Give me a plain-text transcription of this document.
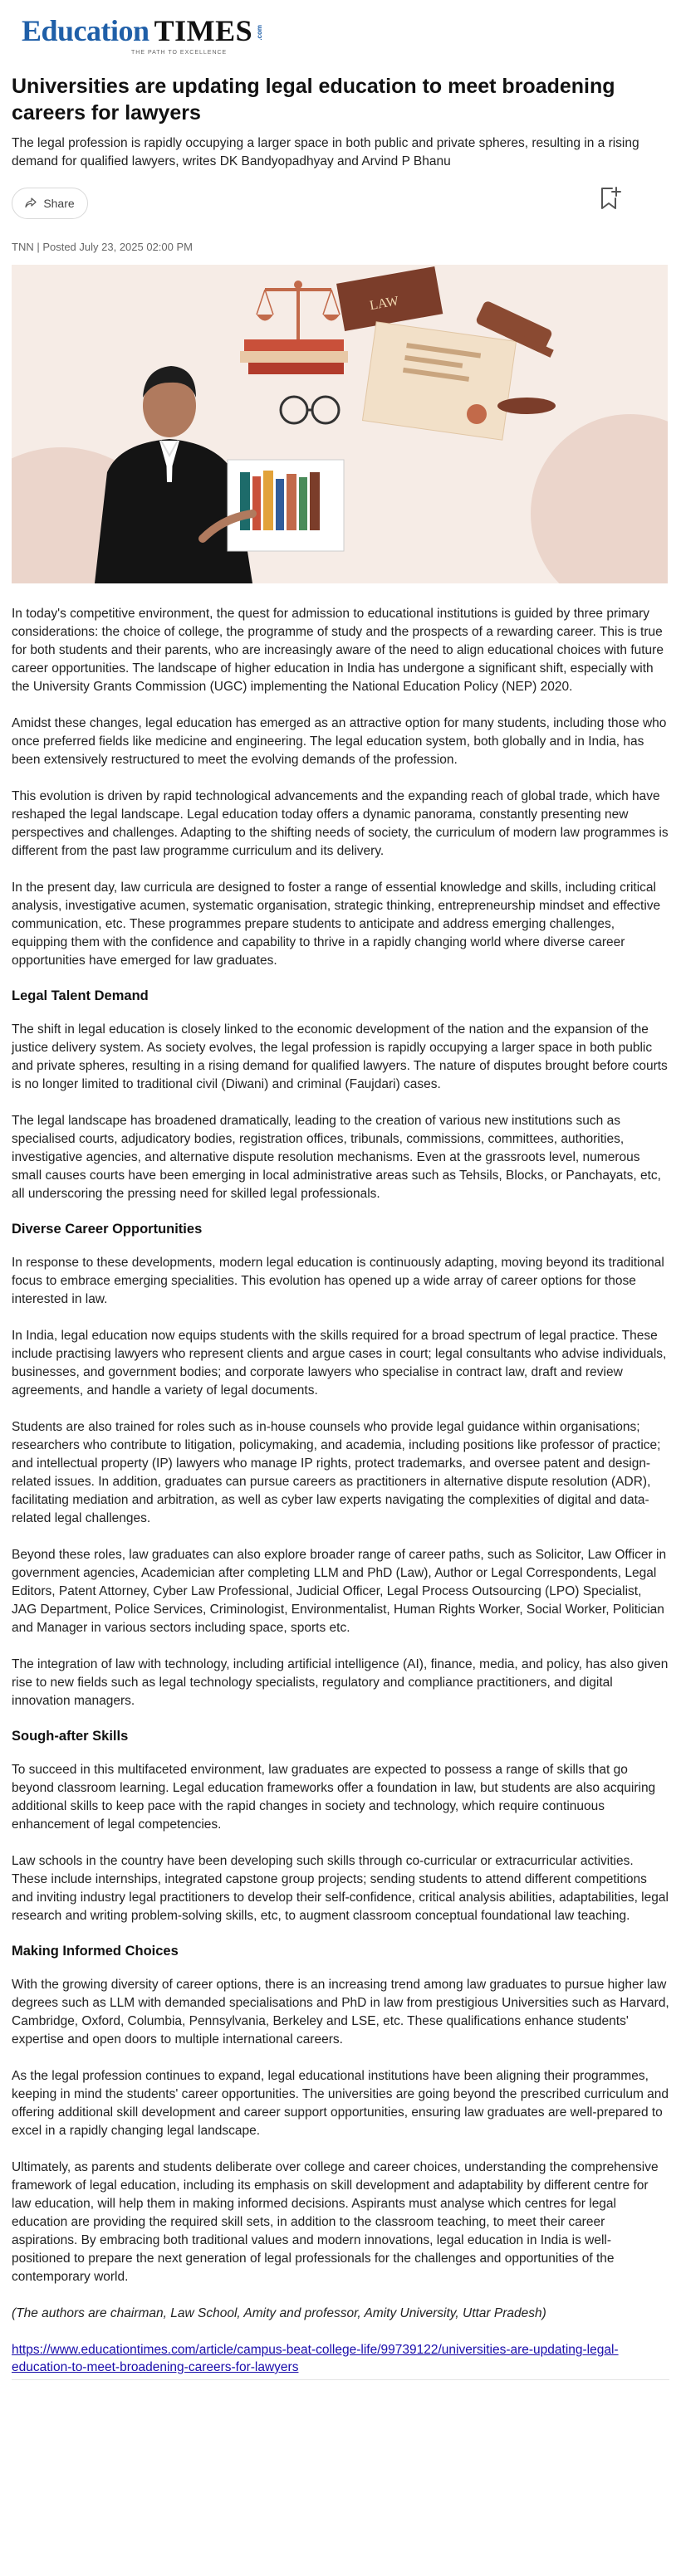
Education TIMES .com
THE PATH TO EXCELLENCE
Universities are updating legal education to meet broadening careers for lawyers

The legal profession is rapidly occupying a larger space in both public and private spheres, resulting in a rising demand for qualified lawyers, writes DK Bandyopadhyay and Arvind P Bhanu

Share
TNN | Posted July 23, 2025 02:00 PM
LAW

In today's competitive environment, the quest for admission to educational institutions is guided by three primary considerations: the choice of college, the programme of study and the prospects of a rewarding career. This is true for both students and their parents, who are increasingly aware of the need to align educational choices with future career opportunities. The landscape of higher education in India has undergone a significant shift, especially with the University Grants Commission (UGC) implementing the National Education Policy (NEP) 2020.

Amidst these changes, legal education has emerged as an attractive option for many students, including those who once preferred fields like medicine and engineering. The legal education system, both globally and in India, has been extensively restructured to meet the evolving demands of the profession.

This evolution is driven by rapid technological advancements and the expanding reach of global trade, which have reshaped the legal landscape. Legal education today offers a dynamic panorama, constantly presenting new perspectives and challenges. Adapting to the shifting needs of society, the curriculum of modern law programmes is different from the past law programme curriculum and its delivery.

In the present day, law curricula are designed to foster a range of essential knowledge and skills, including critical analysis, investigative acumen, systematic organisation, strategic thinking, entrepreneurship mindset and effective communication, etc. These programmes prepare students to anticipate and address emerging challenges, equipping them with the confidence and capability to thrive in a rapidly changing world where diverse career opportunities have emerged for law graduates.

Legal Talent Demand

The shift in legal education is closely linked to the economic development of the nation and the expansion of the justice delivery system. As society evolves, the legal profession is rapidly occupying a larger space in both public and private spheres, resulting in a rising demand for qualified lawyers. The nature of disputes brought before courts is no longer limited to traditional civil (Diwani) and criminal (Faujdari) cases.

The legal landscape has broadened dramatically, leading to the creation of various new institutions such as specialised courts, adjudicatory bodies, registration offices, tribunals, commissions, committees, authorities, investigative agencies, and alternative dispute resolution mechanisms. Even at the grassroots level, numerous small causes courts have been emerging in local administrative areas such as Tehsils, Blocks, or Panchayats, etc, all underscoring the pressing need for skilled legal professionals.

Diverse Career Opportunities

In response to these developments, modern legal education is continuously adapting, moving beyond its traditional focus to embrace emerging specialities. This evolution has opened up a wide array of career options for those interested in law.

In India, legal education now equips students with the skills required for a broad spectrum of legal practice. These include practising lawyers who represent clients and argue cases in court; legal consultants who advise individuals, businesses, and government bodies; and corporate lawyers who specialise in contract law, draft and review agreements, and handle a variety of legal documents.

Students are also trained for roles such as in-house counsels who provide legal guidance within organisations; researchers who contribute to litigation, policymaking, and academia, including positions like professor of practice; and intellectual property (IP) lawyers who manage IP rights, protect trademarks, and oversee patent and design-related issues. In addition, graduates can pursue careers as practitioners in alternative dispute resolution (ADR), facilitating mediation and arbitration, as well as cyber law experts navigating the complexities of digital and data-related legal challenges.

Beyond these roles, law graduates can also explore broader range of career paths, such as Solicitor, Law Officer in government agencies, Academician after completing LLM and PhD (Law), Author or Legal Correspondents, Legal Editors, Patent Attorney, Cyber Law Professional, Judicial Officer, Legal Process Outsourcing (LPO) Specialist, JAG Department, Police Services, Criminologist, Environmentalist, Human Rights Worker, Social Worker, Politician and Manager in various sectors including space, sports etc.

The integration of law with technology, including artificial intelligence (AI), finance, media, and policy, has also given rise to new fields such as legal technology specialists, regulatory and compliance practitioners, and digital innovation managers.

Sough-after Skills

To succeed in this multifaceted environment, law graduates are expected to possess a range of skills that go beyond classroom learning. Legal education frameworks offer a foundation in law, but students are also acquiring additional skills to keep pace with the rapid changes in society and technology, which require continuous enhancement of legal competencies.

Law schools in the country have been developing such skills through co-curricular or extracurricular activities. These include internships, integrated capstone group projects; sending students to attend different competitions and inviting industry legal practitioners to develop their self-confidence, critical analysis abilities, adaptabilities, legal research and writing problem-solving skills, etc, to augment classroom conceptual foundational law teaching.

Making Informed Choices

With the growing diversity of career options, there is an increasing trend among law graduates to pursue higher law degrees such as LLM with demanded specialisations and PhD in law from prestigious Universities such as Harvard, Cambridge, Oxford, Columbia, Pennsylvania, Berkeley and LSE, etc. These qualifications enhance students' expertise and open doors to multiple international careers.

As the legal profession continues to expand, legal educational institutions have been aligning their programmes, keeping in mind the students' career opportunities. The universities are going beyond the prescribed curriculum and offering additional skill development and career support opportunities, ensuring law graduates are well-prepared to excel in a rapidly changing legal landscape.

Ultimately, as parents and students deliberate over college and career choices, understanding the comprehensive framework of legal education, including its emphasis on skill development and adaptability by different centre for law education, will help them in making informed decisions. Aspirants must analyse which centres for legal education are providing the required skill sets, in addition to the classroom teaching, to meet their career aspirations. By embracing both traditional values and modern innovations, legal education in India is well-positioned to prepare the next generation of legal professionals for the challenges and opportunities of the contemporary world.

(The authors are chairman, Law School, Amity and professor, Amity University, Uttar Pradesh)

https://www.educationtimes.com/article/campus-beat-college-life/99739122/universities-are-updating-legal-education-to-meet-broadening-careers-for-lawyers
